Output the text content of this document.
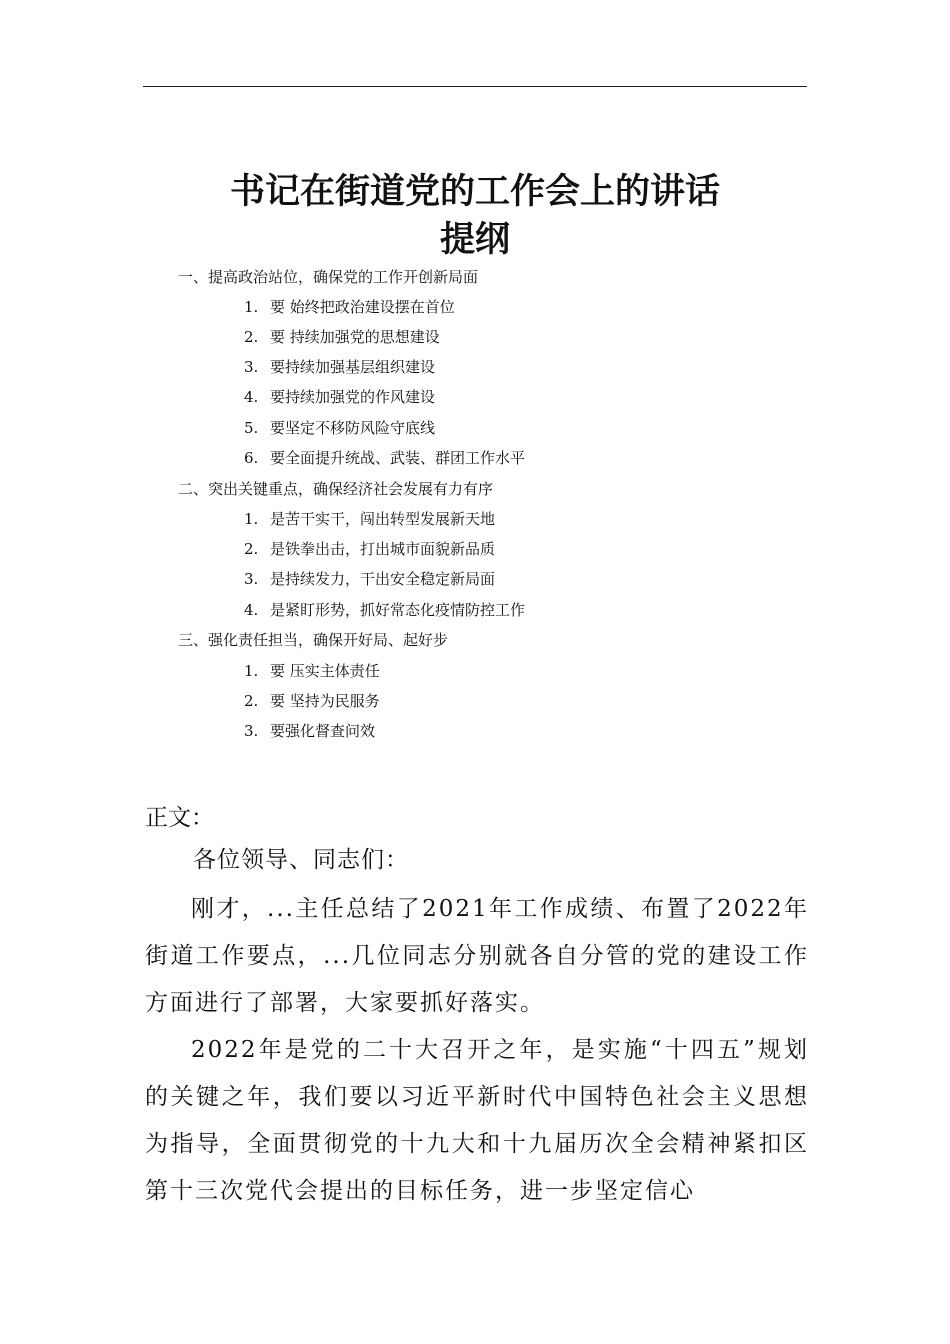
书记在街道党的工作会上的讲话
提纲
一、提高政治站位，确保党的工作开创新局面
1. 要 始终把政治建设摆在首位
2. 要 持续加强党的思想建设
3. 要持续加强基层组织建设
4. 要持续加强党的作风建设
5. 要坚定不移防风险守底线
6. 要全面提升统战、武装、群团工作水平
二、突出关键重点，确保经济社会发展有力有序
1. 是苦干实干，闯出转型发展新天地
2. 是铁拳出击，打出城市面貌新品质
3. 是持续发力，干出安全稳定新局面
4. 是紧盯形势，抓好常态化疫情防控工作
三、强化责任担当，确保开好局、起好步
1. 要 压实主体责任
2. 要 坚持为民服务
3. 要强化督查问效
正文：
各位领导、同志们：

刚才，...主任总结了2021年工作成绩、布置了2022年街道工作要点，...几位同志分别就各自分管的党的建设工作方面进行了部署，大家要抓好落实。

2022年是党的二十大召开之年，是实施“十四五”规划的关键之年，我们要以习近平新时代中国特色社会主义思想为指导，全面贯彻党的十九大和十九届历次全会精神紧扣区第十三次党代会提出的目标任务，进一步坚定信心
